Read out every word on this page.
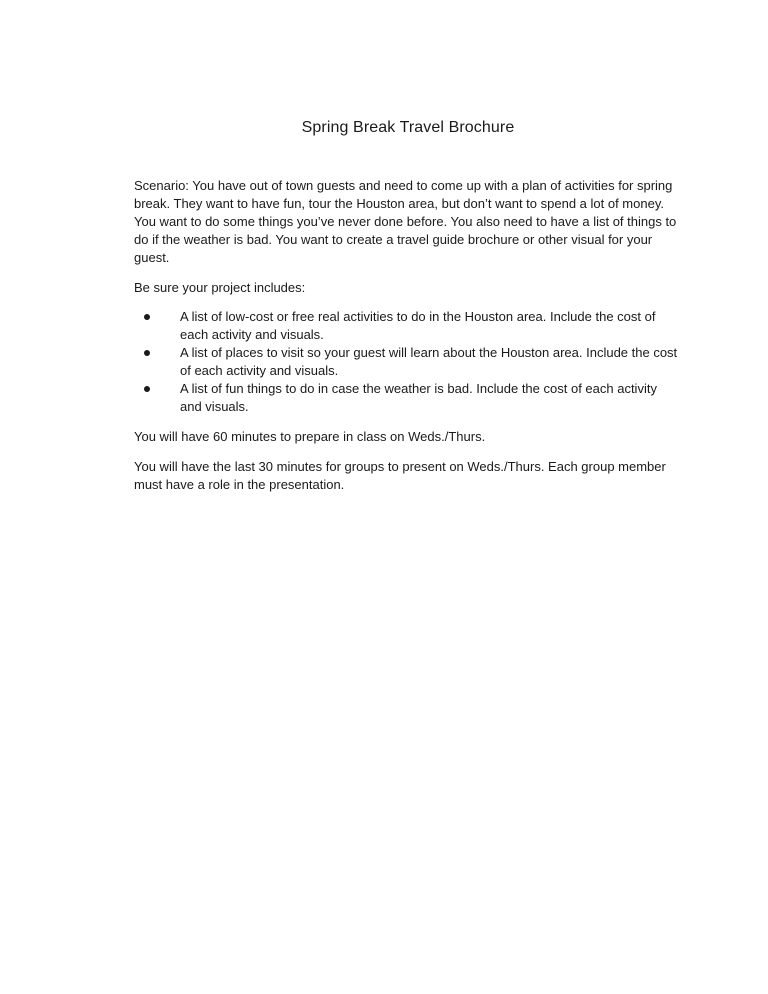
Spring Break Travel Brochure

Scenario: You have out of town guests and need to come up with a plan of activities for spring break. They want to have fun, tour the Houston area, but don’t want to spend a lot of money. You want to do some things you’ve never done before. You also need to have a list of things to do if the weather is bad. You want to create a travel guide brochure or other visual for your guest.

Be sure your project includes:

A list of low-cost or free real activities to do in the Houston area. Include the cost of each activity and visuals.
A list of places to visit so your guest will learn about the Houston area. Include the cost of each activity and visuals.
A list of fun things to do in case the weather is bad. Include the cost of each activity and visuals.

You will have 60 minutes to prepare in class on Weds./Thurs.

You will have the last 30 minutes for groups to present on Weds./Thurs. Each group member must have a role in the presentation.
